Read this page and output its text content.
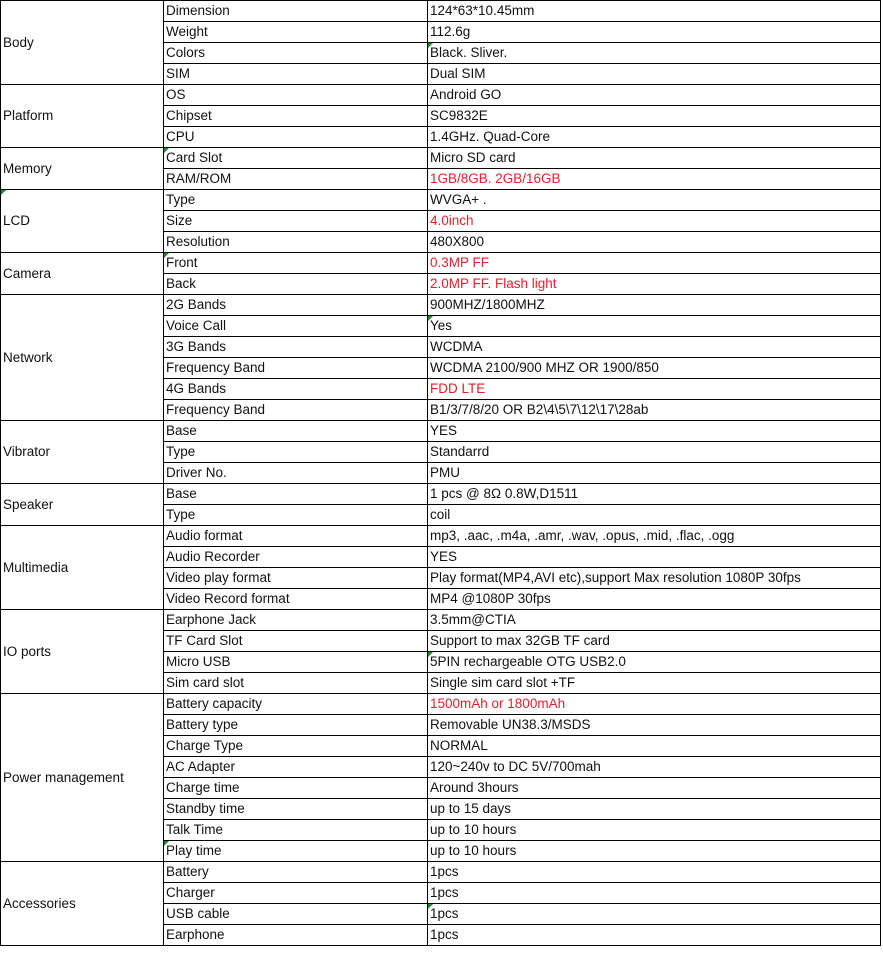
Body	Dimension	124*63*10.45mm
	Weight	112.6g
	Colors	Black. Sliver.
	SIM	Dual SIM
Platform	OS	Android GO
	Chipset	SC9832E
	CPU	1.4GHz. Quad-Core
Memory	Card Slot	Micro SD card
	RAM/ROM	1GB/8GB. 2GB/16GB
LCD	Type	WVGA+ .
	Size	4.0inch
	Resolution	480X800
Camera	Front	0.3MP FF
	Back	2.0MP FF. Flash light
Network	2G Bands	900MHZ/1800MHZ
	Voice Call	Yes
	3G Bands	WCDMA
	Frequency Band	WCDMA 2100/900 MHZ OR 1900/850
	4G Bands	FDD LTE
	Frequency Band	B1/3/7/8/20 OR B2\4\5\7\12\17\28ab
Vibrator	Base	YES
	Type	Standarrd
	Driver No.	PMU
Speaker	Base	1 pcs @ 8Ω 0.8W,D1511
	Type	coil
Multimedia	Audio format	mp3, .aac, .m4a, .amr, .wav, .opus, .mid, .flac, .ogg
	Audio Recorder	YES
	Video play format	Play format(MP4,AVI etc),support Max resolution 1080P 30fps
	Video Record format	MP4 @1080P 30fps
IO ports	Earphone Jack	3.5mm@CTIA
	TF Card Slot	Support to max 32GB TF card
	Micro USB	5PIN rechargeable OTG USB2.0
	Sim card slot	Single sim card slot +TF
Power management	Battery capacity	1500mAh or 1800mAh
	Battery type	Removable UN38.3/MSDS
	Charge Type	NORMAL
	AC Adapter	120~240v to DC 5V/700mah
	Charge time	Around 3hours
	Standby time	up to 15 days
	Talk Time	up to 10 hours
	Play time	up to 10 hours
Accessories	Battery	1pcs
	Charger	1pcs
	USB cable	1pcs
	Earphone	1pcs
